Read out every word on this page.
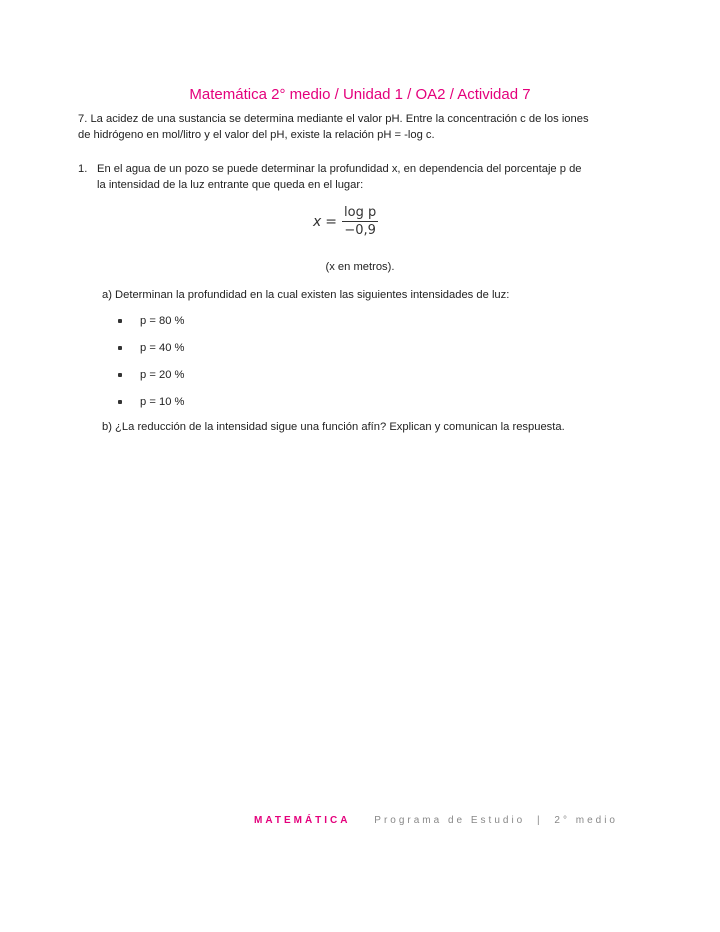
Matemática 2° medio / Unidad 1 / OA2 / Actividad 7
7. La acidez de una sustancia se determina mediante el valor pH. Entre la concentración c de los iones
de hidrógeno en mol/litro y el valor del pH, existe la relación pH = -log c.
1. En el agua de un pozo se puede determinar la profundidad x, en dependencia del porcentaje p de
la intensidad de la luz entrante que queda en el lugar:
$x = \frac{\text{log p}}{-0,9}$
(x en metros).
a) Determinan la profundidad en la cual existen las siguientes intensidades de luz:
p = 80 %
p = 40 %
p = 20 %
p = 10 %
b) ¿La reducción de la intensidad sigue una función afín? Explican y comunican la respuesta.
MATEMÁTICA Programa de Estudio | 2° medio
